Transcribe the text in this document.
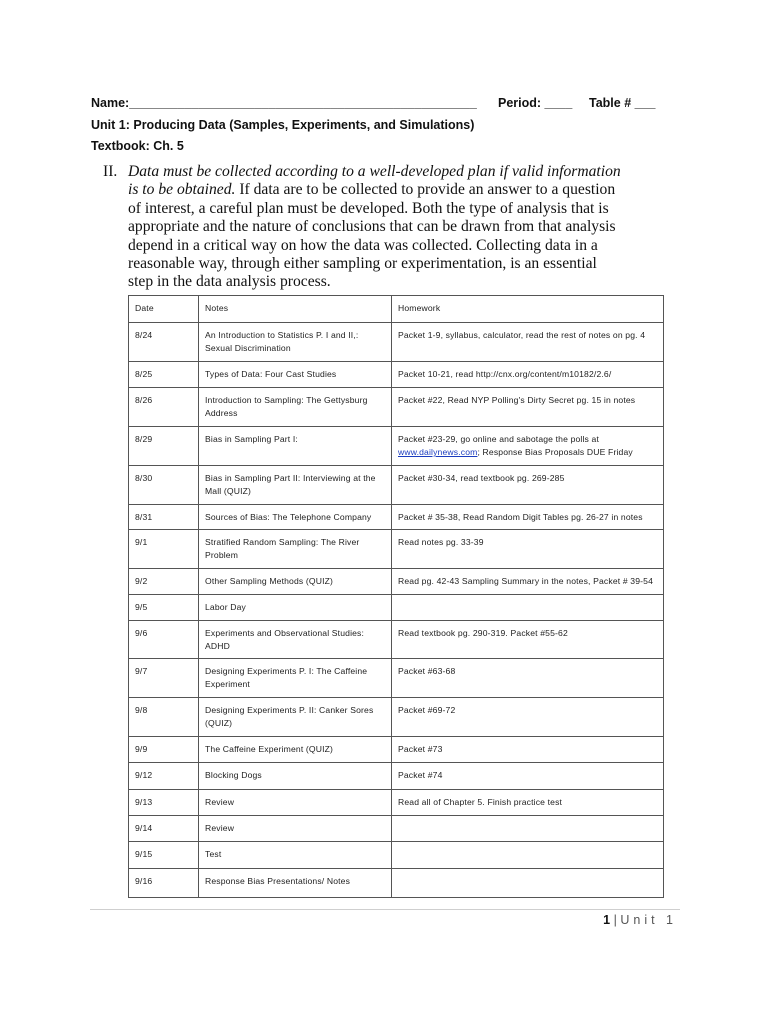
Name:__________________________________________________ Period: ____ Table # ___
Unit 1: Producing Data (Samples, Experiments, and Simulations)
Textbook: Ch. 5
II. Data must be collected according to a well-developed plan if valid information
is to be obtained. If data are to be collected to provide an answer to a question
of interest, a careful plan must be developed. Both the type of analysis that is
appropriate and the nature of conclusions that can be drawn from that analysis
depend in a critical way on how the data was collected. Collecting data in a
reasonable way, through either sampling or experimentation, is an essential
step in the data analysis process.
Date	Notes	Homework
8/24	An Introduction to Statistics P. I and II,: Sexual Discrimination	Packet 1-9, syllabus, calculator, read the rest of notes on pg. 4
8/25	Types of Data: Four Cast Studies	Packet 10-21, read http://cnx.org/content/m10182/2.6/
8/26	Introduction to Sampling: The Gettysburg Address	Packet #22, Read NYP Polling's Dirty Secret pg. 15 in notes
8/29	Bias in Sampling Part I:	Packet #23-29, go online and sabotage the polls at www.dailynews.com; Response Bias Proposals DUE Friday
8/30	Bias in Sampling Part II: Interviewing at the Mall (QUIZ)	Packet #30-34, read textbook pg. 269-285
8/31	Sources of Bias: The Telephone Company	Packet # 35-38, Read Random Digit Tables pg. 26-27 in notes
9/1	Stratified Random Sampling: The River Problem	Read notes pg. 33-39
9/2	Other Sampling Methods (QUIZ)	Read pg. 42-43 Sampling Summary in the notes, Packet # 39-54
9/5	Labor Day	
9/6	Experiments and Observational Studies: ADHD	Read textbook pg. 290-319. Packet #55-62
9/7	Designing Experiments P. I: The Caffeine Experiment	Packet #63-68
9/8	Designing Experiments P. II: Canker Sores (QUIZ)	Packet #69-72
9/9	The Caffeine Experiment (QUIZ)	Packet #73
9/12	Blocking Dogs	Packet #74
9/13	Review	Read all of Chapter 5. Finish practice test
9/14	Review	
9/15	Test	
9/16	Response Bias Presentations/ Notes	
1 | Unit 1
